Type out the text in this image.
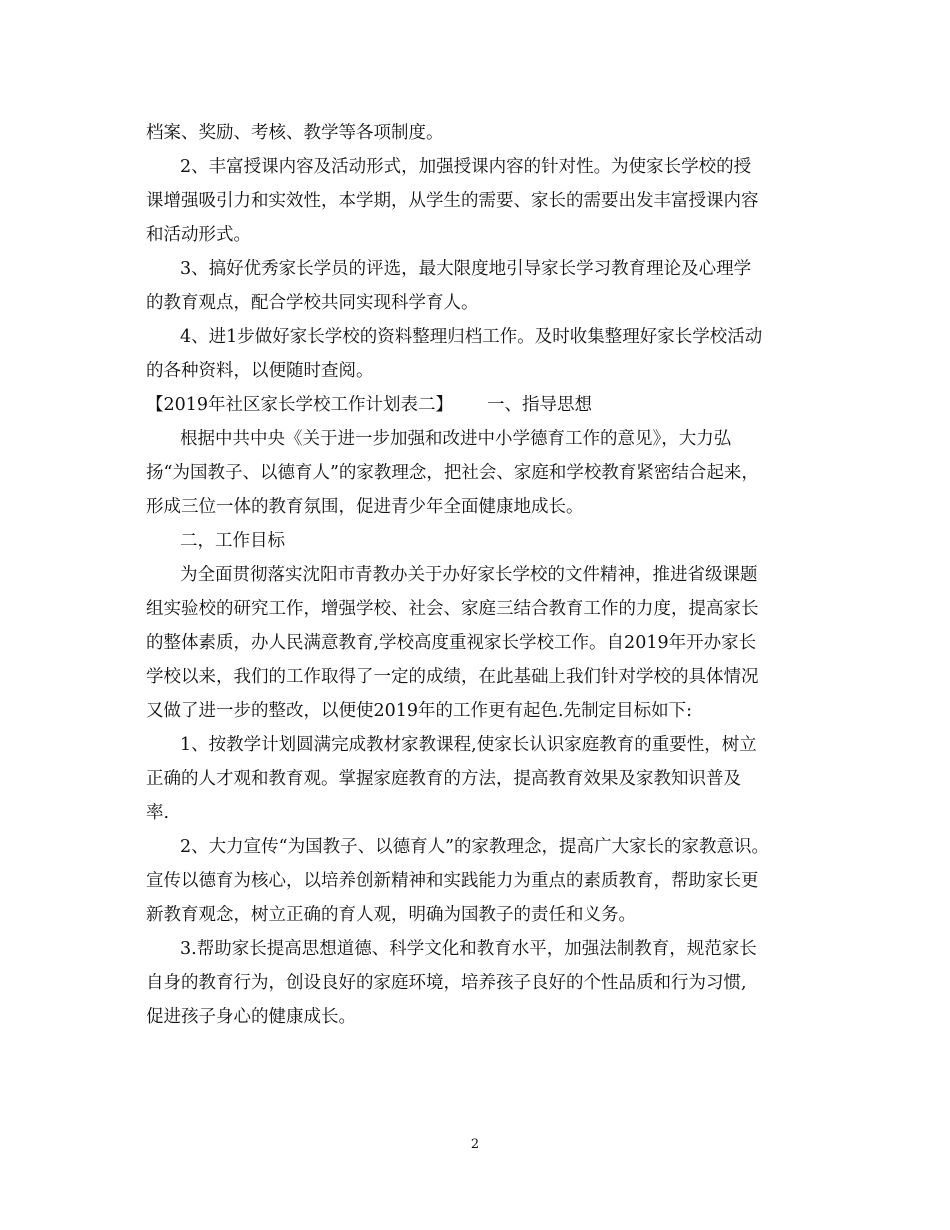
档案、奖励、考核、教学等各项制度。
2、丰富授课内容及活动形式，加强授课内容的针对性。为使家长学校的授
课增强吸引力和实效性，本学期，从学生的需要、家长的需要出发丰富授课内容
和活动形式。
3、搞好优秀家长学员的评选，最大限度地引导家长学习教育理论及心理学
的教育观点，配合学校共同实现科学育人。
4、进1步做好家长学校的资料整理归档工作。及时收集整理好家长学校活动
的各种资料，以便随时查阅。
【2019年社区家长学校工作计划表二】 一、指导思想
根据中共中央《关于进一步加强和改进中小学德育工作的意见》，大力弘
扬“为国教子、以德育人”的家教理念，把社会、家庭和学校教育紧密结合起来，
形成三位一体的教育氛围，促进青少年全面健康地成长。
二，工作目标
为全面贯彻落实沈阳市青教办关于办好家长学校的文件精神，推进省级课题
组实验校的研究工作，增强学校、社会、家庭三结合教育工作的力度，提高家长
的整体素质，办人民满意教育,学校高度重视家长学校工作。自2019年开办家长
学校以来，我们的工作取得了一定的成绩，在此基础上我们针对学校的具体情况
又做了进一步的整改，以便使2019年的工作更有起色.先制定目标如下:
1、按教学计划圆满完成教材家教课程,使家长认识家庭教育的重要性，树立
正确的人才观和教育观。掌握家庭教育的方法，提高教育效果及家教知识普及
率.
2、大力宣传“为国教子、以德育人”的家教理念，提高广大家长的家教意识。
宣传以德育为核心，以培养创新精神和实践能力为重点的素质教育，帮助家长更
新教育观念，树立正确的育人观，明确为国教子的责任和义务。
3.帮助家长提高思想道德、科学文化和教育水平，加强法制教育，规范家长
自身的教育行为，创设良好的家庭环境，培养孩子良好的个性品质和行为习惯,
促进孩子身心的健康成长。
2
